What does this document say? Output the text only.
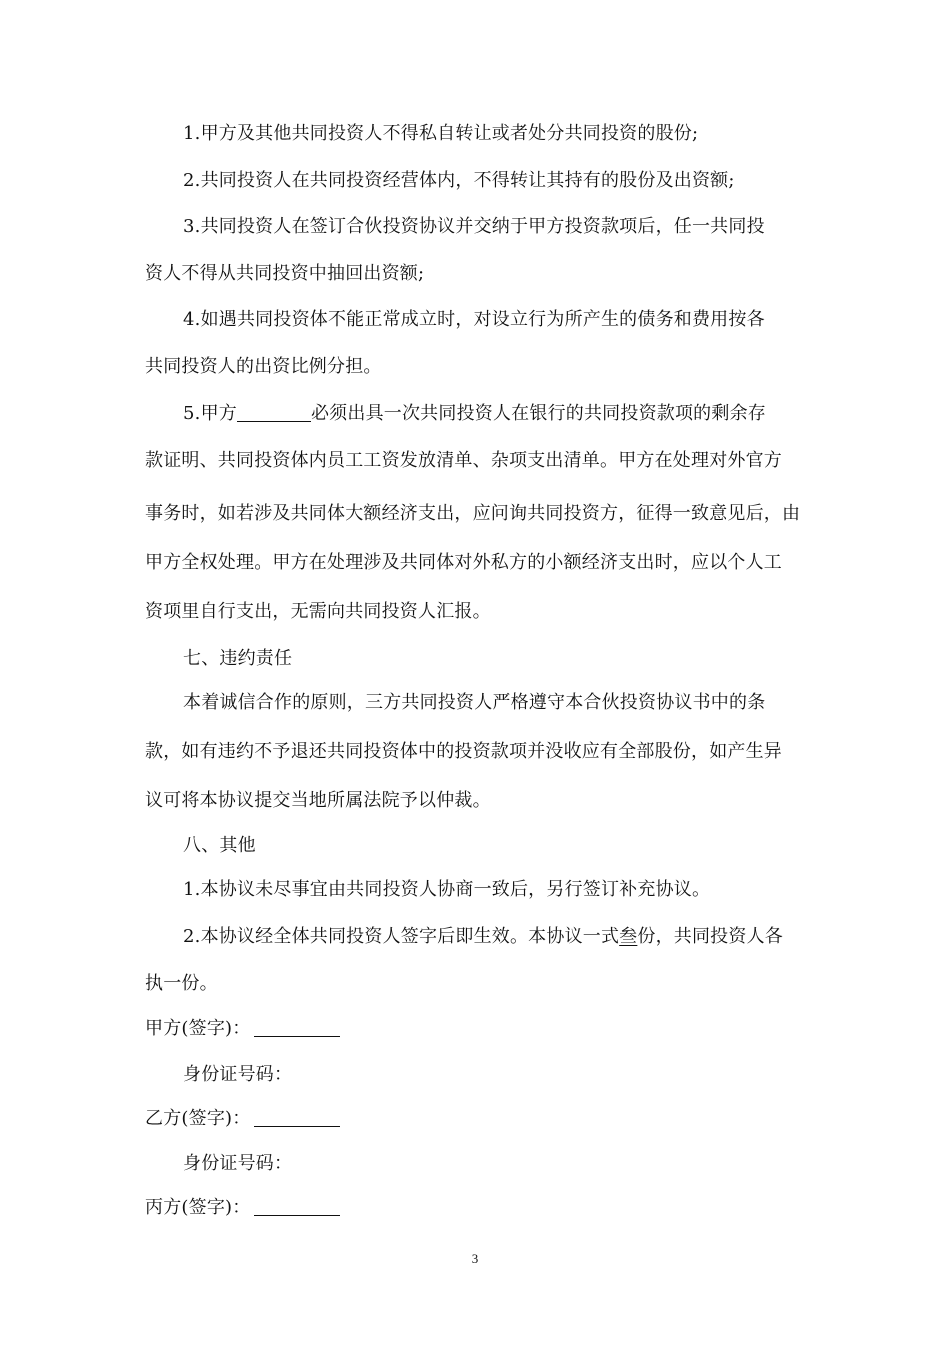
1.甲方及其他共同投资人不得私自转让或者处分共同投资的股份;
2.共同投资人在共同投资经营体内，不得转让其持有的股份及出资额;
3.共同投资人在签订合伙投资协议并交纳于甲方投资款项后，任一共同投
资人不得从共同投资中抽回出资额;
4.如遇共同投资体不能正常成立时，对设立行为所产生的债务和费用按各
共同投资人的出资比例分担。
5.甲方	必须出具一次共同投资人在银行的共同投资款项的剩余存
款证明、共同投资体内员工工资发放清单、杂项支出清单。甲方在处理对外官方
事务时，如若涉及共同体大额经济支出，应问询共同投资方，征得一致意见后，由
甲方全权处理。甲方在处理涉及共同体对外私方的小额经济支出时，应以个人工
资项里自行支出，无需向共同投资人汇报。
七、违约责任
本着诚信合作的原则，三方共同投资人严格遵守本合伙投资协议书中的条
款，如有违约不予退还共同投资体中的投资款项并没收应有全部股份，如产生异
议可将本协议提交当地所属法院予以仲裁。
八、其他
1.本协议未尽事宜由共同投资人协商一致后，另行签订补充协议。
2.本协议经全体共同投资人签字后即生效。本协议一式叁份，共同投资人各
执一份。
甲方(签字)：
身份证号码：
乙方(签字)：
身份证号码：
丙方(签字)：
3
